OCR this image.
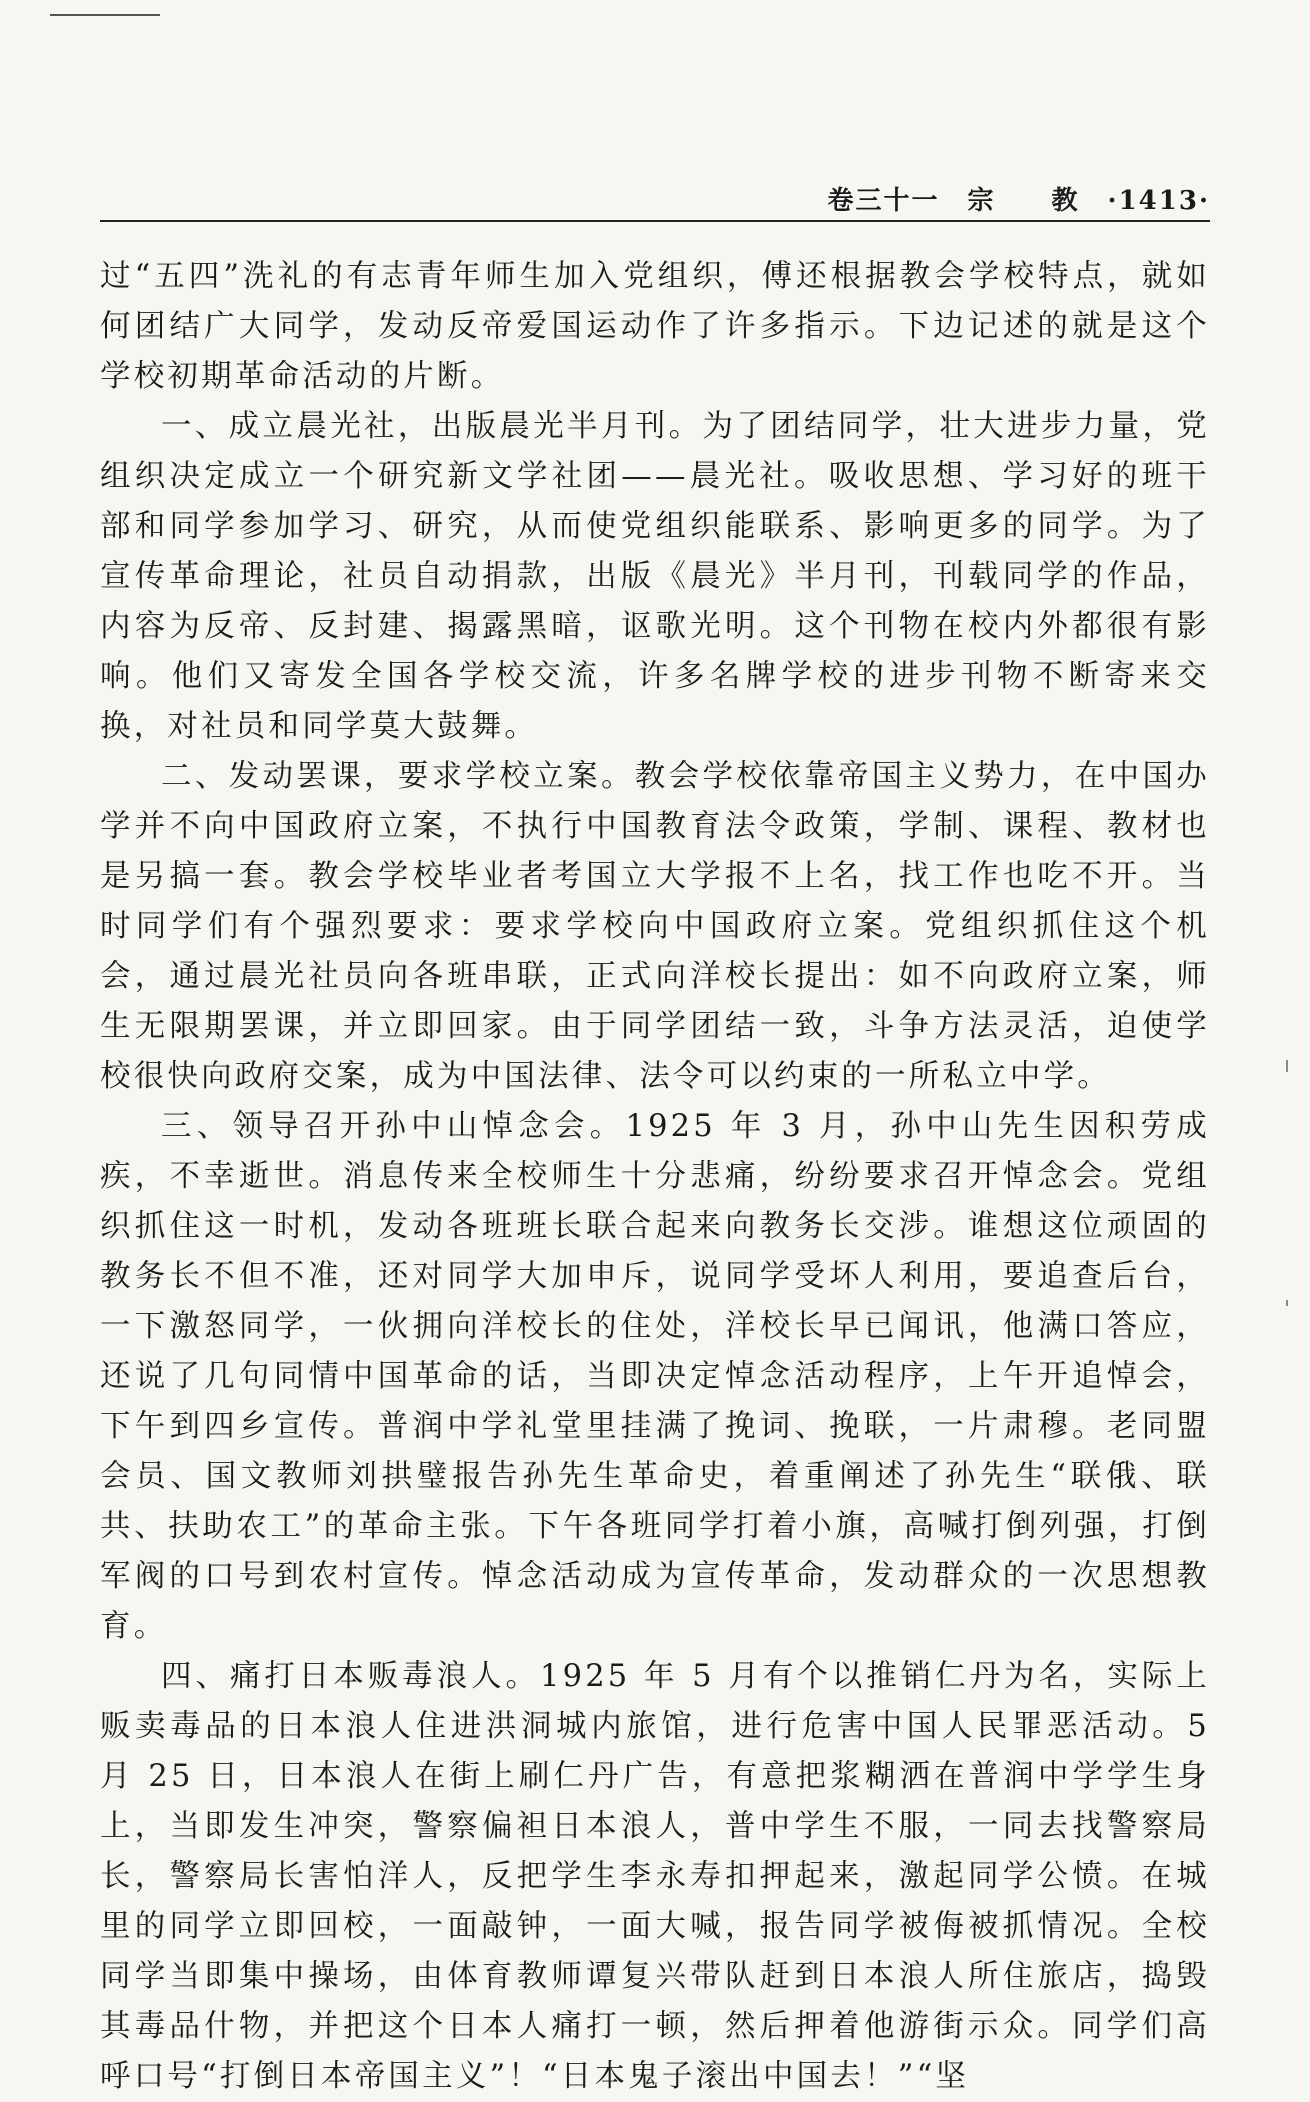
卷三十一　宗　　教　·1413·

过“五四”洗礼的有志青年师生加入党组织，傅还根据教会学校特点，就如何团结广大同学，发动反帝爱国运动作了许多指示。下边记述的就是这个学校初期革命活动的片断。

一、成立晨光社，出版晨光半月刊。为了团结同学，壮大进步力量，党组织决定成立一个研究新文学社团——晨光社。吸收思想、学习好的班干部和同学参加学习、研究，从而使党组织能联系、影响更多的同学。为了宣传革命理论，社员自动捐款，出版《晨光》半月刊，刊载同学的作品，内容为反帝、反封建、揭露黑暗，讴歌光明。这个刊物在校内外都很有影响。他们又寄发全国各学校交流，许多名牌学校的进步刊物不断寄来交换，对社员和同学莫大鼓舞。

二、发动罢课，要求学校立案。教会学校依靠帝国主义势力，在中国办学并不向中国政府立案，不执行中国教育法令政策，学制、课程、教材也是另搞一套。教会学校毕业者考国立大学报不上名，找工作也吃不开。当时同学们有个强烈要求：要求学校向中国政府立案。党组织抓住这个机会，通过晨光社员向各班串联，正式向洋校长提出：如不向政府立案，师生无限期罢课，并立即回家。由于同学团结一致，斗争方法灵活，迫使学校很快向政府交案，成为中国法律、法令可以约束的一所私立中学。

三、领导召开孙中山悼念会。1925 年 3 月，孙中山先生因积劳成疾，不幸逝世。消息传来全校师生十分悲痛，纷纷要求召开悼念会。党组织抓住这一时机，发动各班班长联合起来向教务长交涉。谁想这位顽固的教务长不但不准，还对同学大加申斥，说同学受坏人利用，要追查后台，一下激怒同学，一伙拥向洋校长的住处，洋校长早已闻讯，他满口答应，还说了几句同情中国革命的话，当即决定悼念活动程序，上午开追悼会，下午到四乡宣传。普润中学礼堂里挂满了挽词、挽联，一片肃穆。老同盟会员、国文教师刘拱璧报告孙先生革命史，着重阐述了孙先生“联俄、联共、扶助农工”的革命主张。下午各班同学打着小旗，高喊打倒列强，打倒军阀的口号到农村宣传。悼念活动成为宣传革命，发动群众的一次思想教育。

四、痛打日本贩毒浪人。1925 年 5 月有个以推销仁丹为名，实际上贩卖毒品的日本浪人住进洪洞城内旅馆，进行危害中国人民罪恶活动。5 月 25 日，日本浪人在街上刷仁丹广告，有意把浆糊洒在普润中学学生身上，当即发生冲突，警察偏袒日本浪人，普中学生不服，一同去找警察局长，警察局长害怕洋人，反把学生李永寿扣押起来，激起同学公愤。在城里的同学立即回校，一面敲钟，一面大喊，报告同学被侮被抓情况。全校同学当即集中操场，由体育教师谭复兴带队赶到日本浪人所住旅店，捣毁其毒品什物，并把这个日本人痛打一顿，然后押着他游街示众。同学们高呼口号“打倒日本帝国主义”！“日本鬼子滚出中国去！”“坚
